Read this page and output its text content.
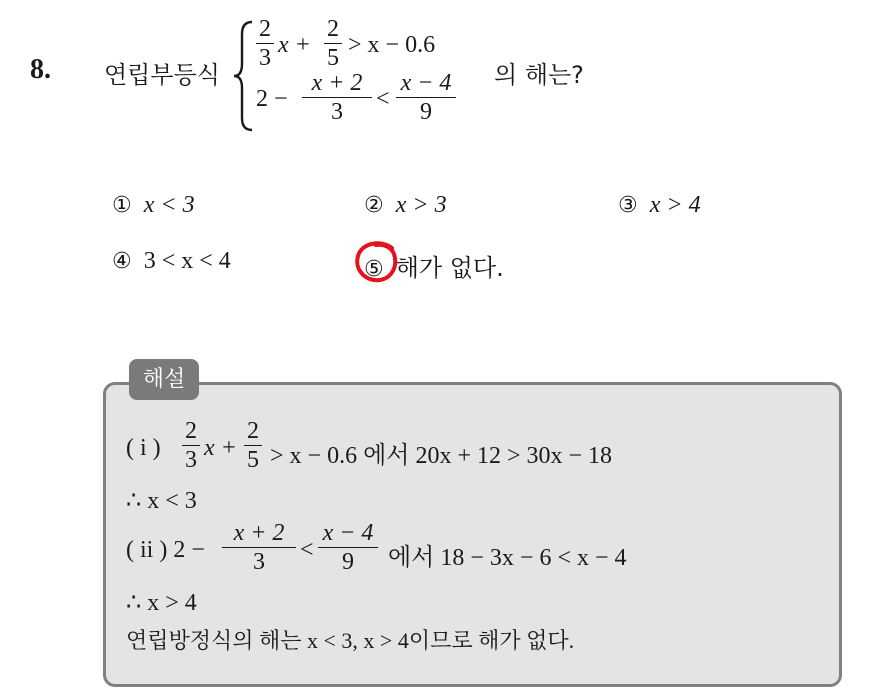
8. 연립부등식
2
3 x +
2
5 > x − 0.6
2 −
x + 2
3	<
x − 4
9
의 해는?
① x < 3	② x > 3	③ x > 4
④ 3 < x < 4	⑤ 해가 없다.
해설
( i )
2
3 x +
2
5 > x − 0.6 에서 20x + 12 > 30x − 18
∴ x < 3
( ii ) 2 −
x + 2
3	<
x − 4
9	에서 18 − 3x − 6 < x − 4
∴ x > 4
연립방정식의 해는 x < 3, x > 4이므로 해가 없다.
